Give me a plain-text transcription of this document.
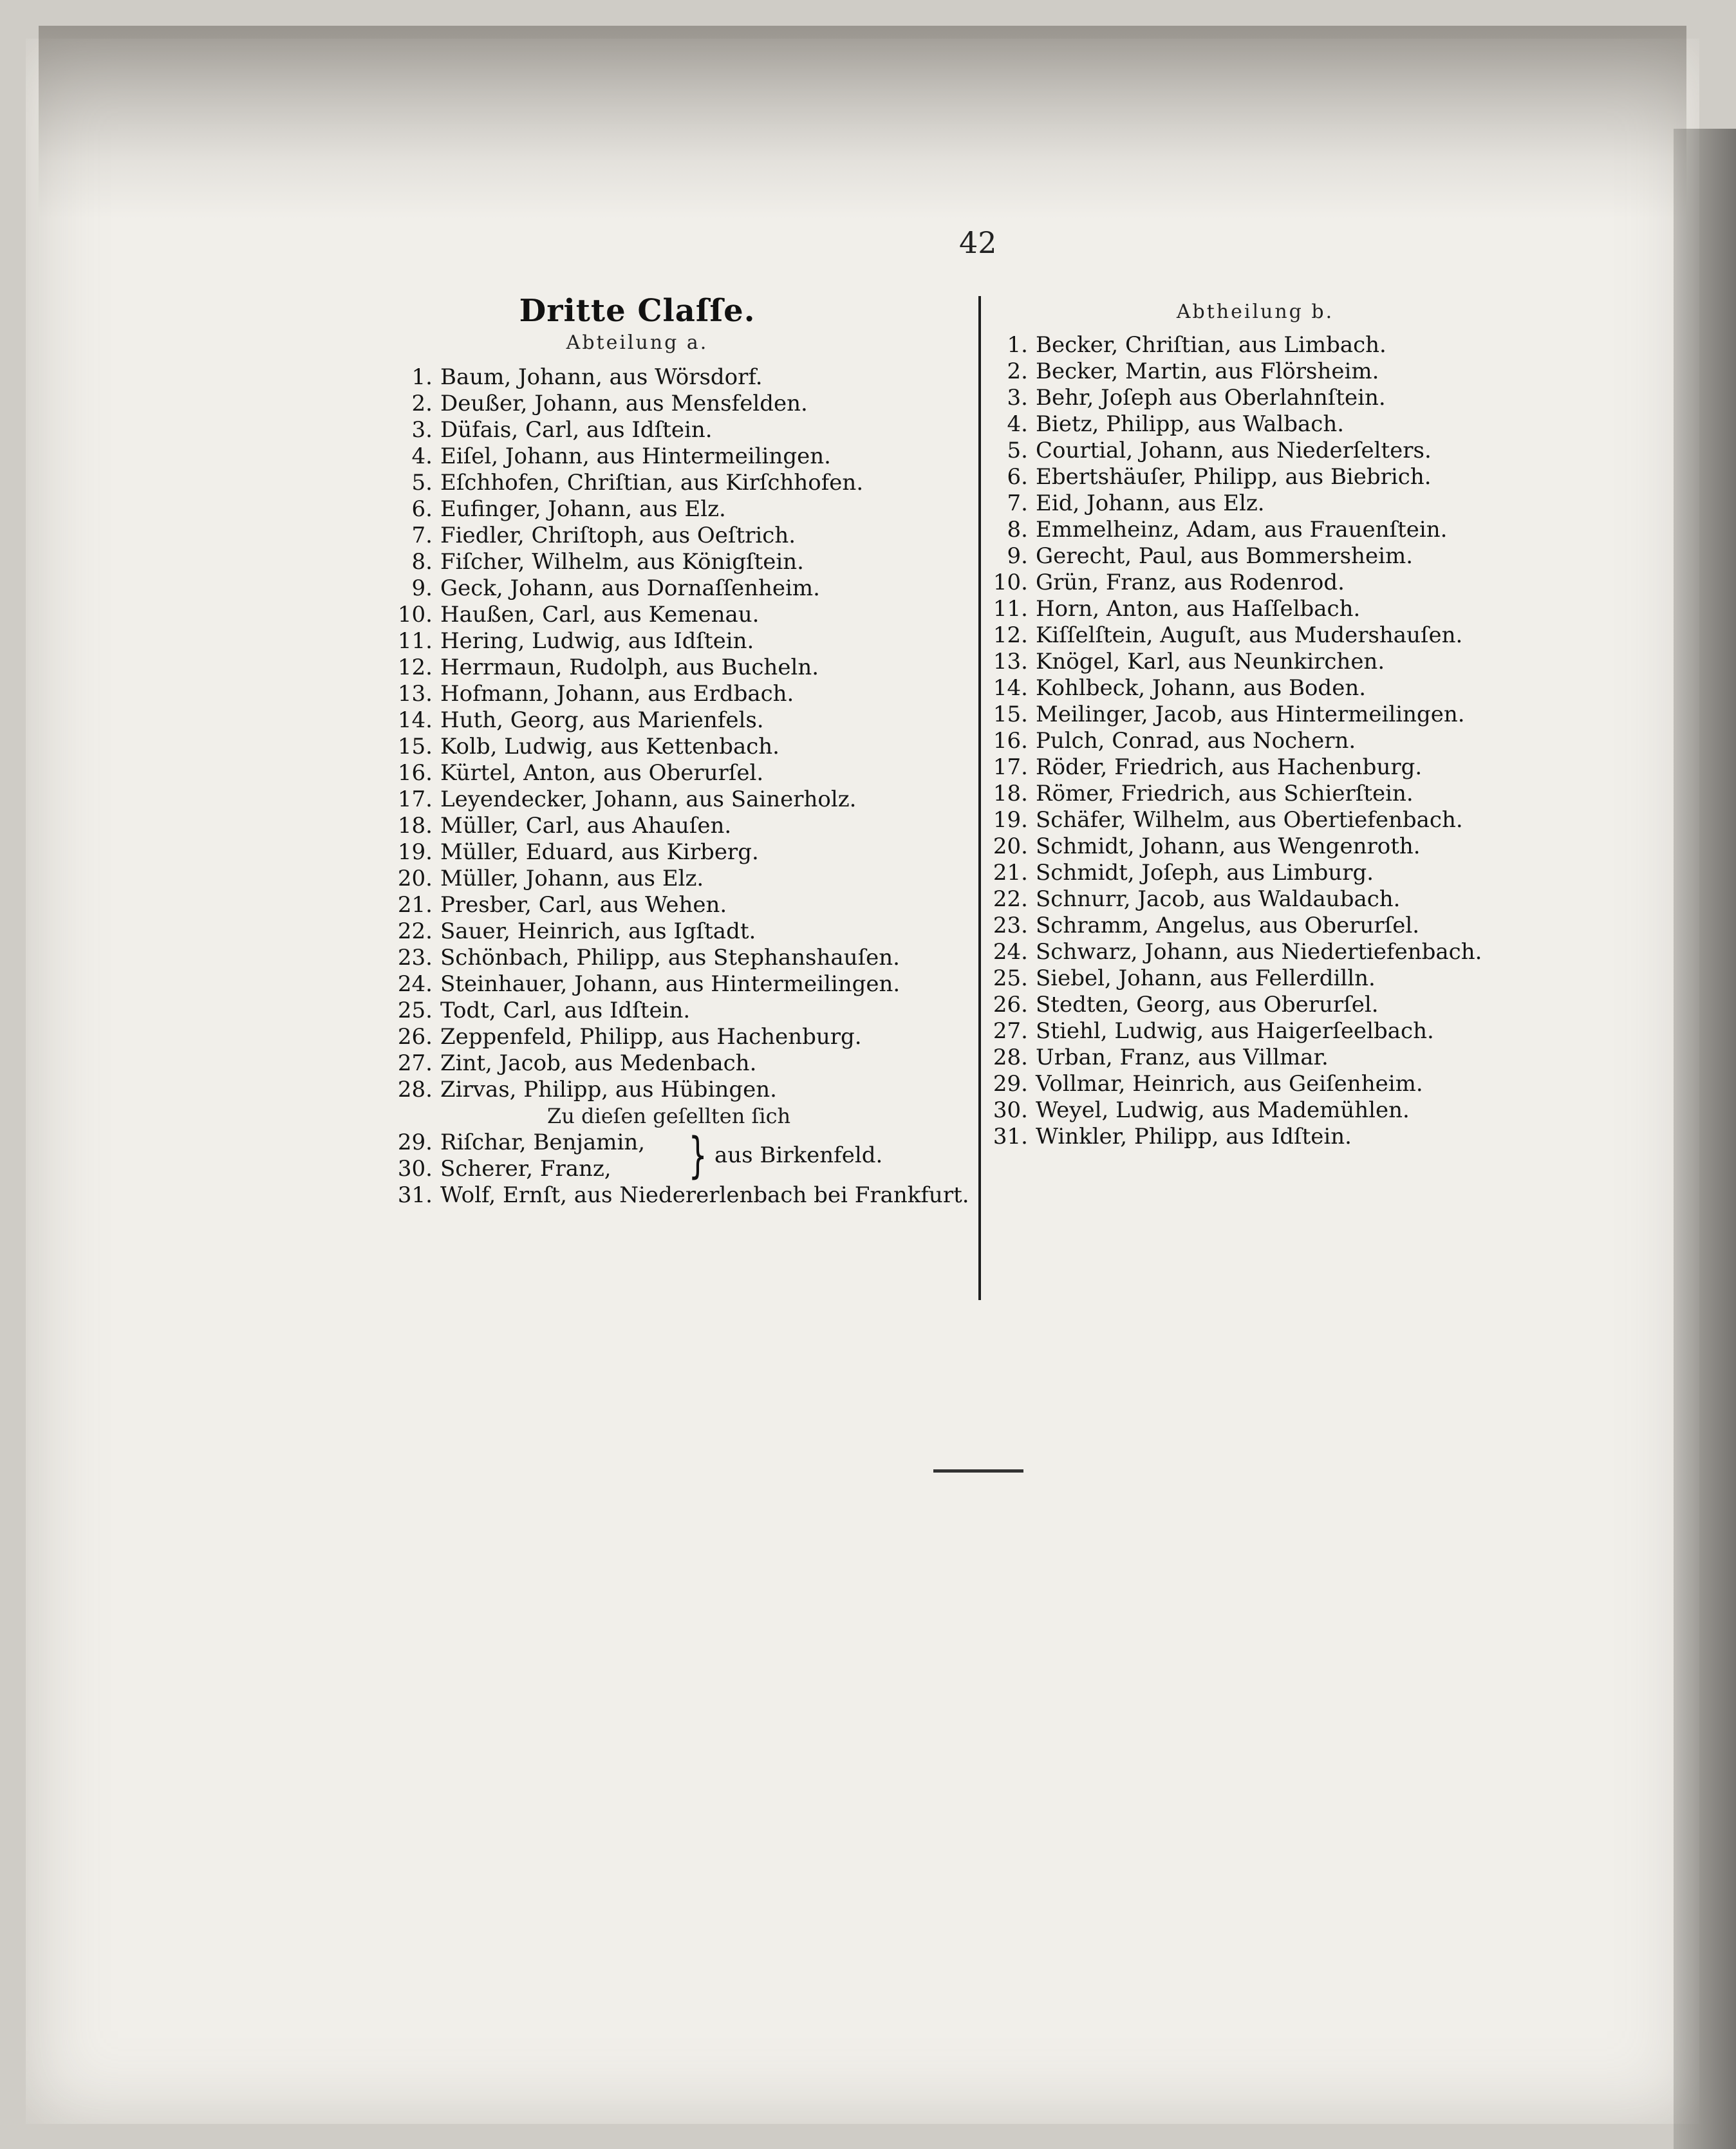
42
Dritte Claſſe.
Abteilung a.
1. Baum, Johann, aus Wörsdorf.
2. Deußer, Johann, aus Mensfelden.
3. Düfais, Carl, aus Idſtein.
4. Eiſel, Johann, aus Hintermeilingen.
5. Eſchhofen, Chriſtian, aus Kirſchhofen.
6. Eufinger, Johann, aus Elz.
7. Fiedler, Chriſtoph, aus Oeſtrich.
8. Fiſcher, Wilhelm, aus Königſtein.
9. Geck, Johann, aus Dornaſſenheim.
10. Haußen, Carl, aus Kemenau.
11. Hering, Ludwig, aus Idſtein.
12. Herrmaun, Rudolph, aus Bucheln.
13. Hofmann, Johann, aus Erdbach.
14. Huth, Georg, aus Marienfels.
15. Kolb, Ludwig, aus Kettenbach.
16. Kürtel, Anton, aus Oberurſel.
17. Leyendecker, Johann, aus Sainerholz.
18. Müller, Carl, aus Ahauſen.
19. Müller, Eduard, aus Kirberg.
20. Müller, Johann, aus Elz.
21. Presber, Carl, aus Wehen.
22. Sauer, Heinrich, aus Igſtadt.
23. Schönbach, Philipp, aus Stephanshauſen.
24. Steinhauer, Johann, aus Hintermeilingen.
25. Todt, Carl, aus Idſtein.
26. Zeppenfeld, Philipp, aus Hachenburg.
27. Zint, Jacob, aus Medenbach.
28. Zirvas, Philipp, aus Hübingen.
Zu dieſen geſellten ſich
29. Riſchar, Benjamin,
30. Scherer, Franz, } aus Birkenfeld.
31. Wolf, Ernſt, aus Niedererlenbach bei Frankfurt.
Abtheilung b.
1. Becker, Chriſtian, aus Limbach.
2. Becker, Martin, aus Flörsheim.
3. Behr, Joſeph aus Oberlahnſtein.
4. Bietz, Philipp, aus Walbach.
5. Courtial, Johann, aus Niederſelters.
6. Ebertshäuſer, Philipp, aus Biebrich.
7. Eid, Johann, aus Elz.
8. Emmelheinz, Adam, aus Frauenſtein.
9. Gerecht, Paul, aus Bommersheim.
10. Grün, Franz, aus Rodenrod.
11. Horn, Anton, aus Haſſelbach.
12. Kiſſelſtein, Auguſt, aus Mudershauſen.
13. Knögel, Karl, aus Neunkirchen.
14. Kohlbeck, Johann, aus Boden.
15. Meilinger, Jacob, aus Hintermeilingen.
16. Pulch, Conrad, aus Nochern.
17. Röder, Friedrich, aus Hachenburg.
18. Römer, Friedrich, aus Schierſtein.
19. Schäfer, Wilhelm, aus Obertiefenbach.
20. Schmidt, Johann, aus Wengenroth.
21. Schmidt, Joſeph, aus Limburg.
22. Schnurr, Jacob, aus Waldaubach.
23. Schramm, Angelus, aus Oberurſel.
24. Schwarz, Johann, aus Niedertiefenbach.
25. Siebel, Johann, aus Fellerdilln.
26. Stedten, Georg, aus Oberurſel.
27. Stiehl, Ludwig, aus Haigerſeelbach.
28. Urban, Franz, aus Villmar.
29. Vollmar, Heinrich, aus Geiſenheim.
30. Weyel, Ludwig, aus Mademühlen.
31. Winkler, Philipp, aus Idſtein.
